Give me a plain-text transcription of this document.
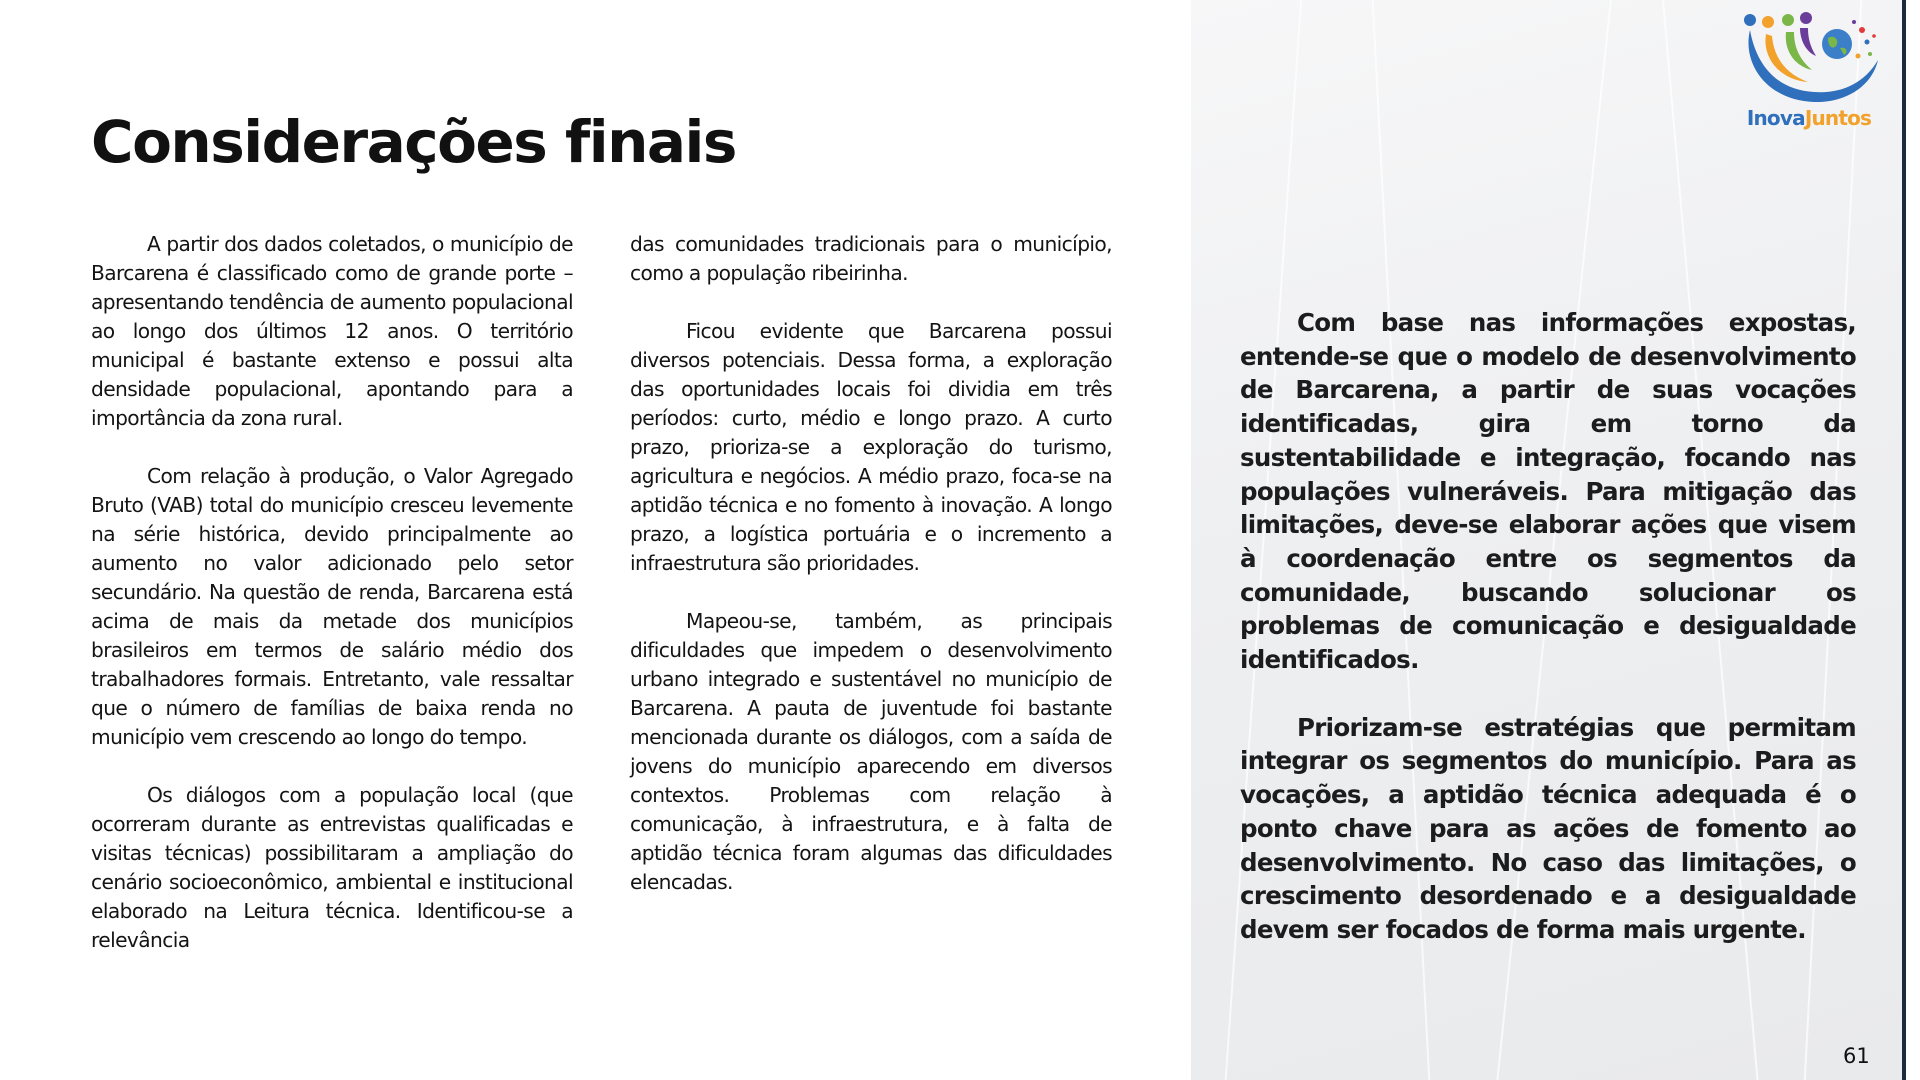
Considerações finais

A partir dos dados coletados, o município de Barcarena é classificado como de grande porte – apresentando tendência de aumento populacional ao longo dos últimos 12 anos. O território municipal é bastante extenso e possui alta densidade populacional, apontando para a importância da zona rural.

Com relação à produção, o Valor Agregado Bruto (VAB) total do município cresceu levemente na série histórica, devido principalmente ao aumento no valor adicionado pelo setor secundário. Na questão de renda, Barcarena está acima de mais da metade dos municípios brasileiros em termos de salário médio dos trabalhadores formais. Entretanto, vale ressaltar que o número de famílias de baixa renda no município vem crescendo ao longo do tempo.

Os diálogos com a população local (que ocorreram durante as entrevistas qualificadas e visitas técnicas) possibilitaram a ampliação do cenário socioeconômico, ambiental e institucional elaborado na Leitura técnica. Identificou-se a relevância

das comunidades tradicionais para o município, como a população ribeirinha.

Ficou evidente que Barcarena possui diversos potenciais. Dessa forma, a exploração das oportunidades locais foi dividia em três períodos: curto, médio e longo prazo. A curto prazo, prioriza-se a exploração do turismo, agricultura e negócios. A médio prazo, foca-se na aptidão técnica e no fomento à inovação. A longo prazo, a logística portuária e o incremento a infraestrutura são prioridades.

Mapeou-se, também, as principais dificuldades que impedem o desenvolvimento urbano integrado e sustentável no município de Barcarena. A pauta de juventude foi bastante mencionada durante os diálogos, com a saída de jovens do município aparecendo em diversos contextos. Problemas com relação à comunicação, à infraestrutura, e à falta de aptidão técnica foram algumas das dificuldades elencadas.

Com base nas informações expostas, entende-se que o modelo de desenvolvimento de Barcarena, a partir de suas vocações identificadas, gira em torno da sustentabilidade e integração, focando nas populações vulneráveis. Para mitigação das limitações, deve-se elaborar ações que visem à coordenação entre os segmentos da comunidade, buscando solucionar os problemas de comunicação e desigualdade identificados.

Priorizam-se estratégias que permitam integrar os segmentos do município. Para as vocações, a aptidão técnica adequada é o ponto chave para as ações de fomento ao desenvolvimento. No caso das limitações, o crescimento desordenado e a desigualdade devem ser focados de forma mais urgente.

InovaJuntos
61
